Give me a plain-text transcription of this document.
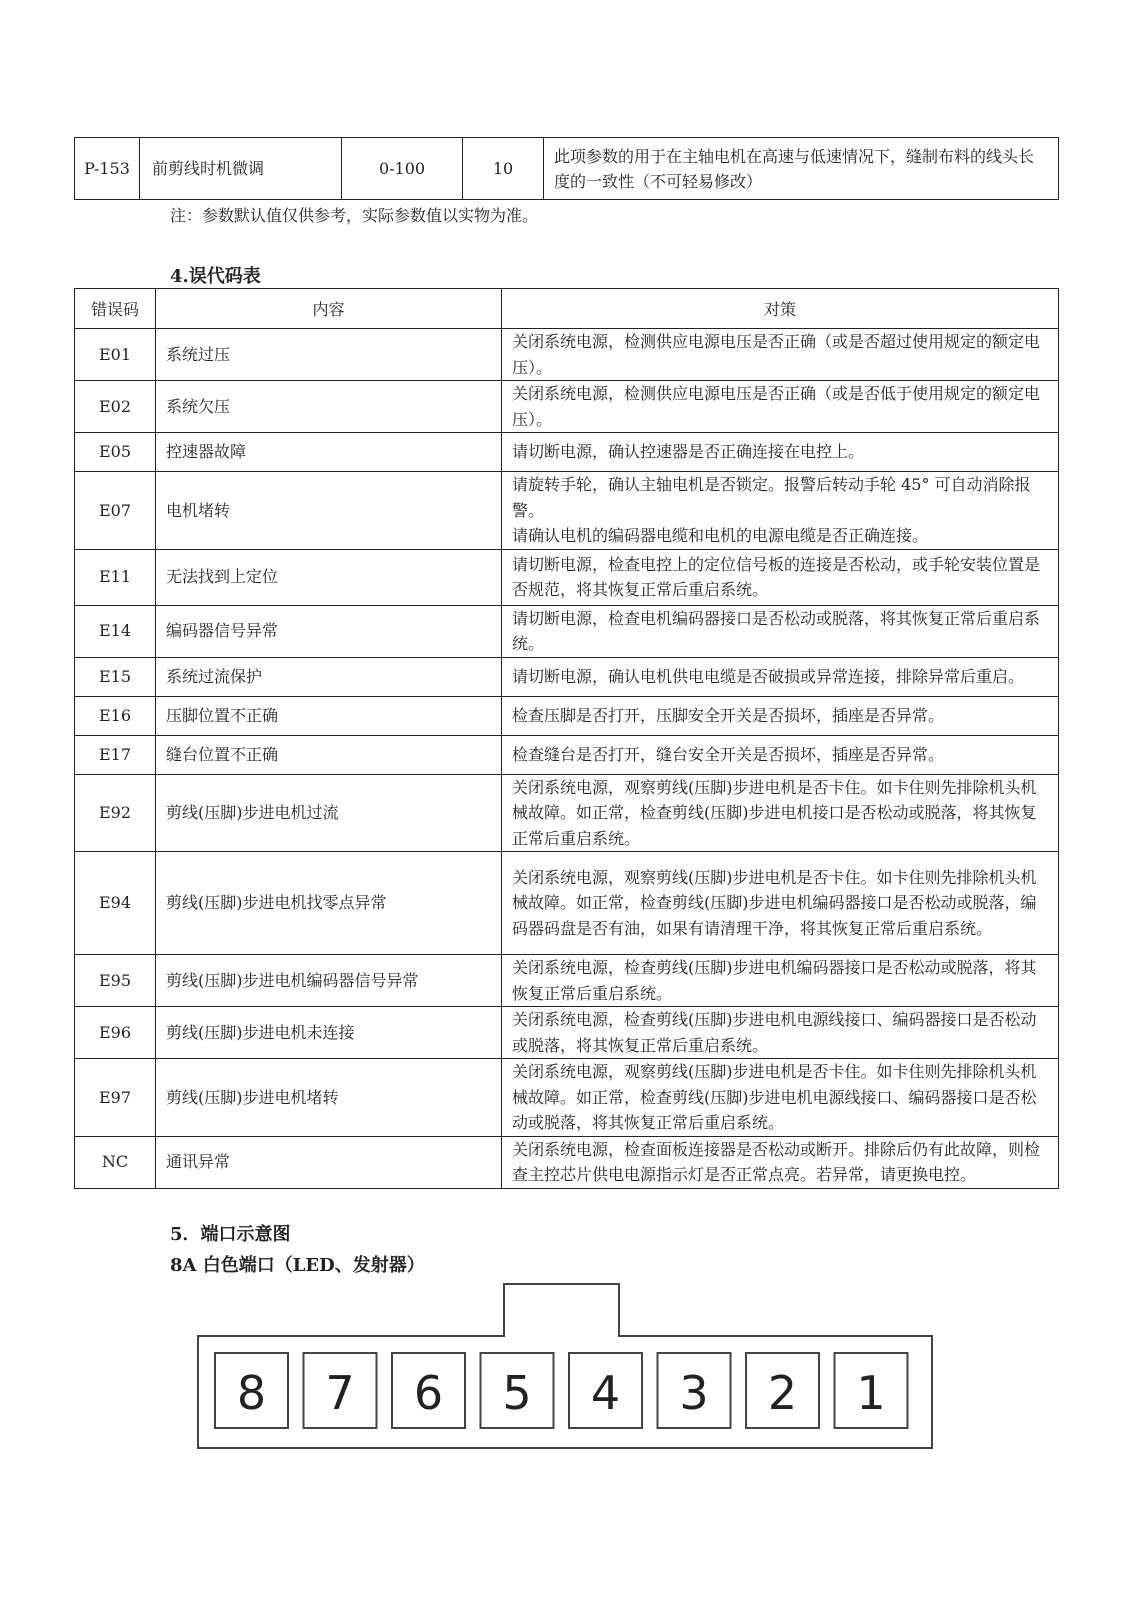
P-153	前剪线时机微调	0-100	10	此项参数的用于在主轴电机在高速与低速情况下，缝制布料的线头长度的一致性（不可轻易修改）
注：参数默认值仅供参考，实际参数值以实物为准。
4.误代码表
错误码	内容	对策
E01	系统过压	关闭系统电源，检测供应电源电压是否正确（或是否超过使用规定的额定电压）。
E02	系统欠压	关闭系统电源，检测供应电源电压是否正确（或是否低于使用规定的额定电压）。
E05	控速器故障	请切断电源，确认控速器是否正确连接在电控上。
E07	电机堵转	请旋转手轮，确认主轴电机是否锁定。报警后转动手轮 45° 可自动消除报警。
请确认电机的编码器电缆和电机的电源电缆是否正确连接。

E11	无法找到上定位	请切断电源，检查电控上的定位信号板的连接是否松动，或手轮安装位置是否规范，将其恢复正常后重启系统。
E14	编码器信号异常	请切断电源，检查电机编码器接口是否松动或脱落，将其恢复正常后重启系统。
E15	系统过流保护	请切断电源，确认电机供电电缆是否破损或异常连接，排除异常后重启。
E16	压脚位置不正确	检查压脚是否打开，压脚安全开关是否损坏，插座是否异常。
E17	缝台位置不正确	检查缝台是否打开，缝台安全开关是否损坏，插座是否异常。
E92	剪线(压脚)步进电机过流	关闭系统电源，观察剪线(压脚)步进电机是否卡住。如卡住则先排除机头机械故障。如正常，检查剪线(压脚)步进电机接口是否松动或脱落，将其恢复正常后重启系统。
E94	剪线(压脚)步进电机找零点异常	关闭系统电源，观察剪线(压脚)步进电机是否卡住。如卡住则先排除机头机械故障。如正常，检查剪线(压脚)步进电机编码器接口是否松动或脱落，编码器码盘是否有油，如果有请清理干净，将其恢复正常后重启系统。
E95	剪线(压脚)步进电机编码器信号异常	关闭系统电源，检查剪线(压脚)步进电机编码器接口是否松动或脱落，将其恢复正常后重启系统。
E96	剪线(压脚)步进电机未连接	关闭系统电源，检查剪线(压脚)步进电机电源线接口、编码器接口是否松动或脱落，将其恢复正常后重启系统。
E97	剪线(压脚)步进电机堵转	关闭系统电源，观察剪线(压脚)步进电机是否卡住。如卡住则先排除机头机械故障。如正常，检查剪线(压脚)步进电机电源线接口、编码器接口是否松动或脱落，将其恢复正常后重启系统。
NC	通讯异常	关闭系统电源，检查面板连接器是否松动或断开。排除后仍有此故障，则检查主控芯片供电电源指示灯是否正常点亮。若异常，请更换电控。
5．端口示意图
8A 白色端口（LED、发射器）
8 7 6 5 4 3 2 1
